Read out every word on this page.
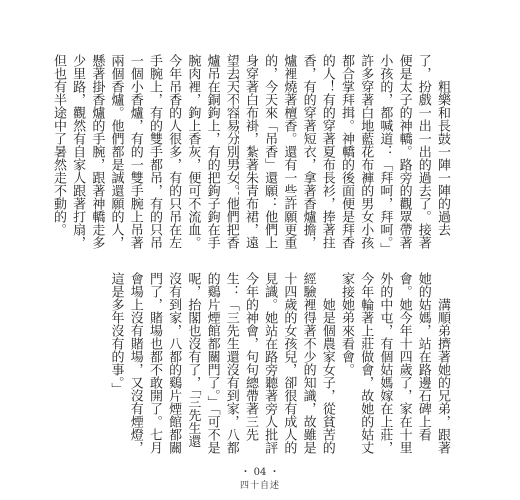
粗樂和長鼓一陣一陣的過去了，扮戲一出一出的過去了。接著便是太子的神轎。路旁的觀眾帶著小孩的，都喊道：「拜呵，拜呵。」許多穿著白地藍花布褲的男女小孩都合掌拜揖。神轎的後面便是拜香的人！有的穿著夏布長衫，捧著拄香，有的穿著短衣，拿著香爐擔，爐裡燒著檀香。還有一些許願更重的，今天來「吊香」還願：他們上身穿著白布褂，紮著朱青布裙，遠望去天不容易分別男女。他們把香爐吊在銅鉤上，有的把鉤子鉤在手腕肉裡，鉤上香灰，便可不流血。今年吊香的人很多，有的只吊在左手腕上，有的雙手都吊，有的只吊一個小香爐，有的一雙手腕上吊著兩個香爐。他們都是誠還願的人，懸著掛香爐的手腕，跟著神轎走多少里路，觀然有自家人跟著打扇，但也有半途中了暑然走不動的。
溝順弟擠著她的兄弟，跟著她的姑媽，站在路邊石碑上看會。她今年十四歲了，家在十里外的中屯，有個姑媽嫁在上莊，今年輪著上莊做會，故她的姑丈家接她弟來看會。
她是個農家女子，從貧苦的經驗裡得著不少的知識，故雖是十四歲的女孩兒，卻很有成人的見識。她站在路旁聽著旁人批評今年的神會，句句總帶著三先生：「三先生還沒有到家，八都的鷄片煙館都關門了。」「可不是呢，抬閣也沒有了，「三先生還沒有到家，八都的鷄片煙館都關門了，賭場也都不敢開了。七月會場上沒有賭場，又沒有煙燈，這是多年沒有的事。」
・ 04 ・
四十自述
